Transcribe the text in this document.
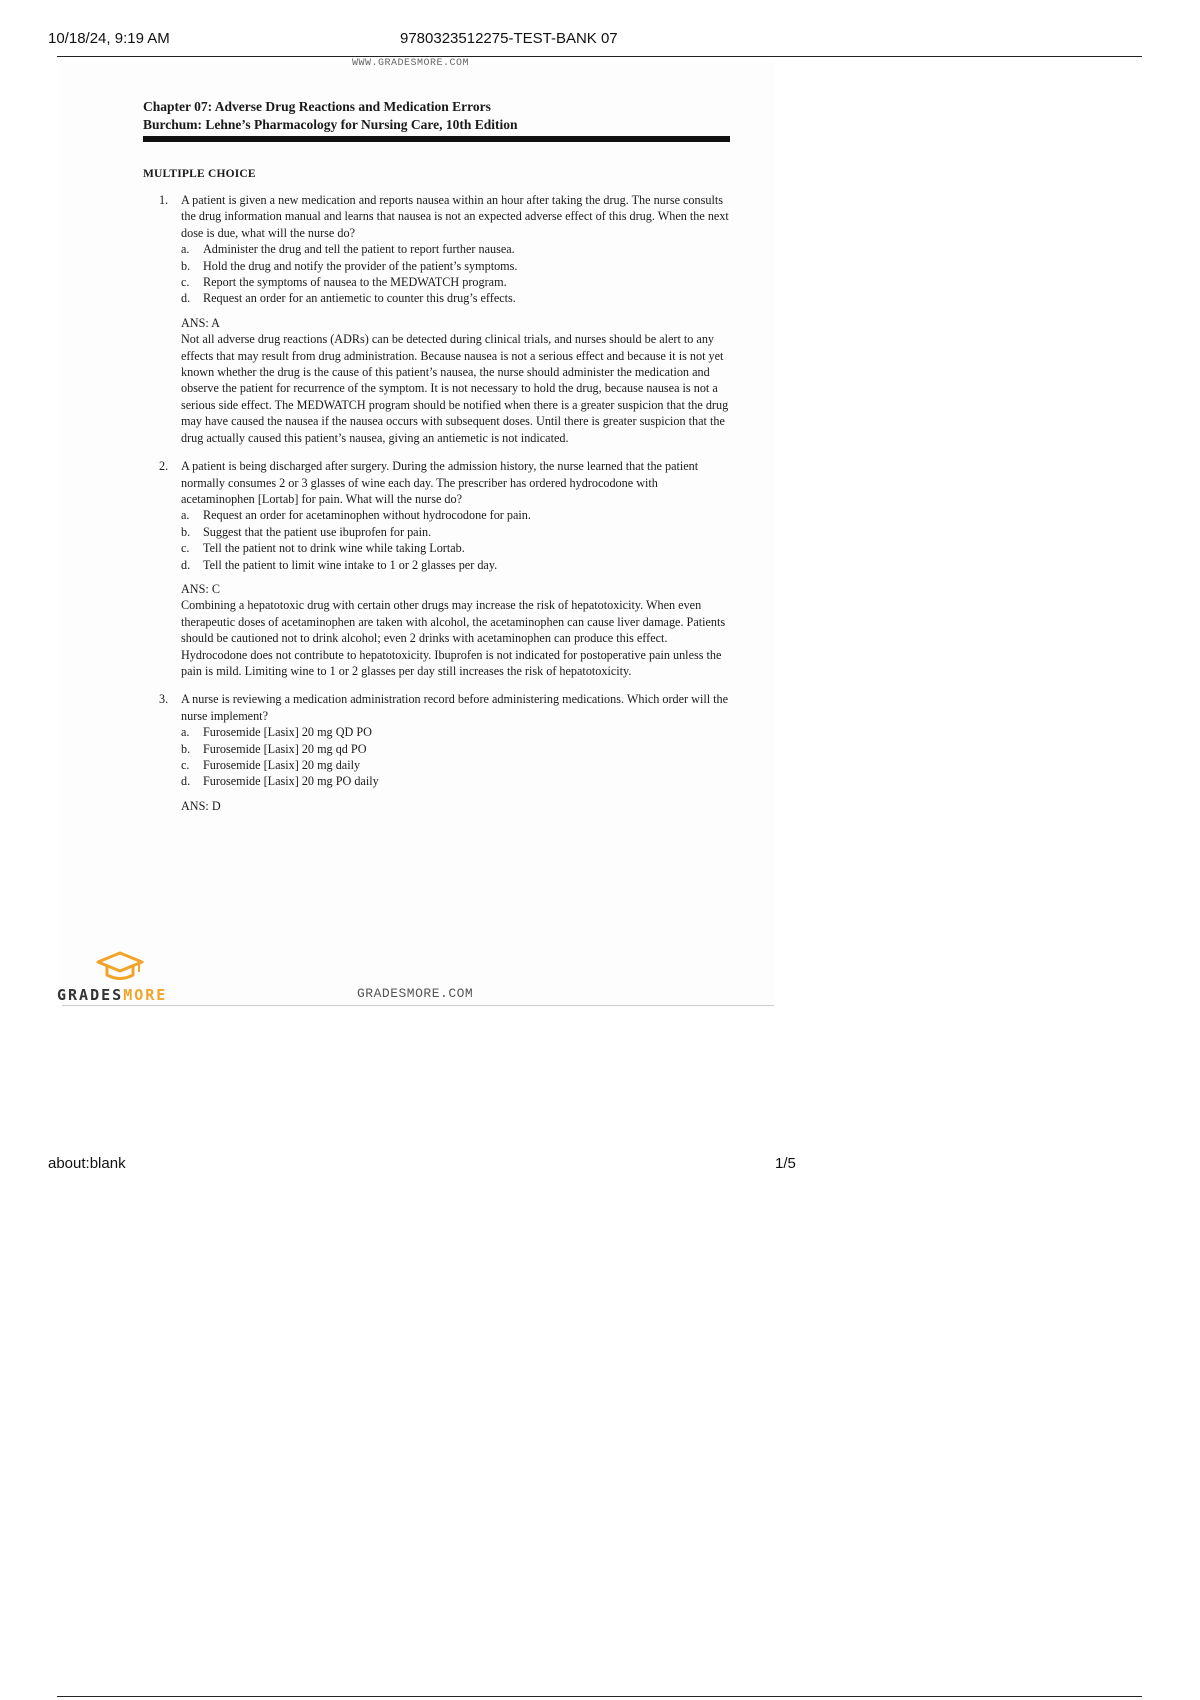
10/18/24, 9:19 AM	9780323512275-TEST-BANK 07
WWW.GRADESMORE.COM

Chapter 07: Adverse Drug Reactions and Medication Errors

Burchum: Lehne’s Pharmacology for Nursing Care, 10th Edition

MULTIPLE CHOICE
1. A patient is given a new medication and reports nausea within an hour after taking the drug. The nurse consults the drug information manual and learns that nausea is not an expected adverse effect of this drug. When the next dose is due, what will the nurse do?

a. Administer the drug and tell the patient to report further nausea.
b. Hold the drug and notify the provider of the patient’s symptoms.
c. Report the symptoms of nausea to the MEDWATCH program.
d. Request an order for an antiemetic to counter this drug’s effects.
ANS: A

Not all adverse drug reactions (ADRs) can be detected during clinical trials, and nurses should be alert to any effects that may result from drug administration. Because nausea is not a serious effect and because it is not yet known whether the drug is the cause of this patient’s nausea, the nurse should administer the medication and observe the patient for recurrence of the symptom. It is not necessary to hold the drug, because nausea is not a serious side effect. The MEDWATCH program should be notified when there is a greater suspicion that the drug may have caused the nausea if the nausea occurs with subsequent doses. Until there is greater suspicion that the drug actually caused this patient’s nausea, giving an antiemetic is not indicated.

2. A patient is being discharged after surgery. During the admission history, the nurse learned that the patient normally consumes 2 or 3 glasses of wine each day. The prescriber has ordered hydrocodone with acetaminophen [Lortab] for pain. What will the nurse do?

a. Request an order for acetaminophen without hydrocodone for pain.
b. Suggest that the patient use ibuprofen for pain.
c. Tell the patient not to drink wine while taking Lortab.
d. Tell the patient to limit wine intake to 1 or 2 glasses per day.
ANS: C

Combining a hepatotoxic drug with certain other drugs may increase the risk of hepatotoxicity. When even therapeutic doses of acetaminophen are taken with alcohol, the acetaminophen can cause liver damage. Patients should be cautioned not to drink alcohol; even 2 drinks with acetaminophen can produce this effect. Hydrocodone does not contribute to hepatotoxicity. Ibuprofen is not indicated for postoperative pain unless the pain is mild. Limiting wine to 1 or 2 glasses per day still increases the risk of hepatotoxicity.

3. A nurse is reviewing a medication administration record before administering medications. Which order will the nurse implement?

a. Furosemide [Lasix] 20 mg QD PO
b. Furosemide [Lasix] 20 mg qd PO
c. Furosemide [Lasix] 20 mg daily
d. Furosemide [Lasix] 20 mg PO daily
ANS: D
GRADESMORE	GRADESMORE.COM
about:blank	1/5
